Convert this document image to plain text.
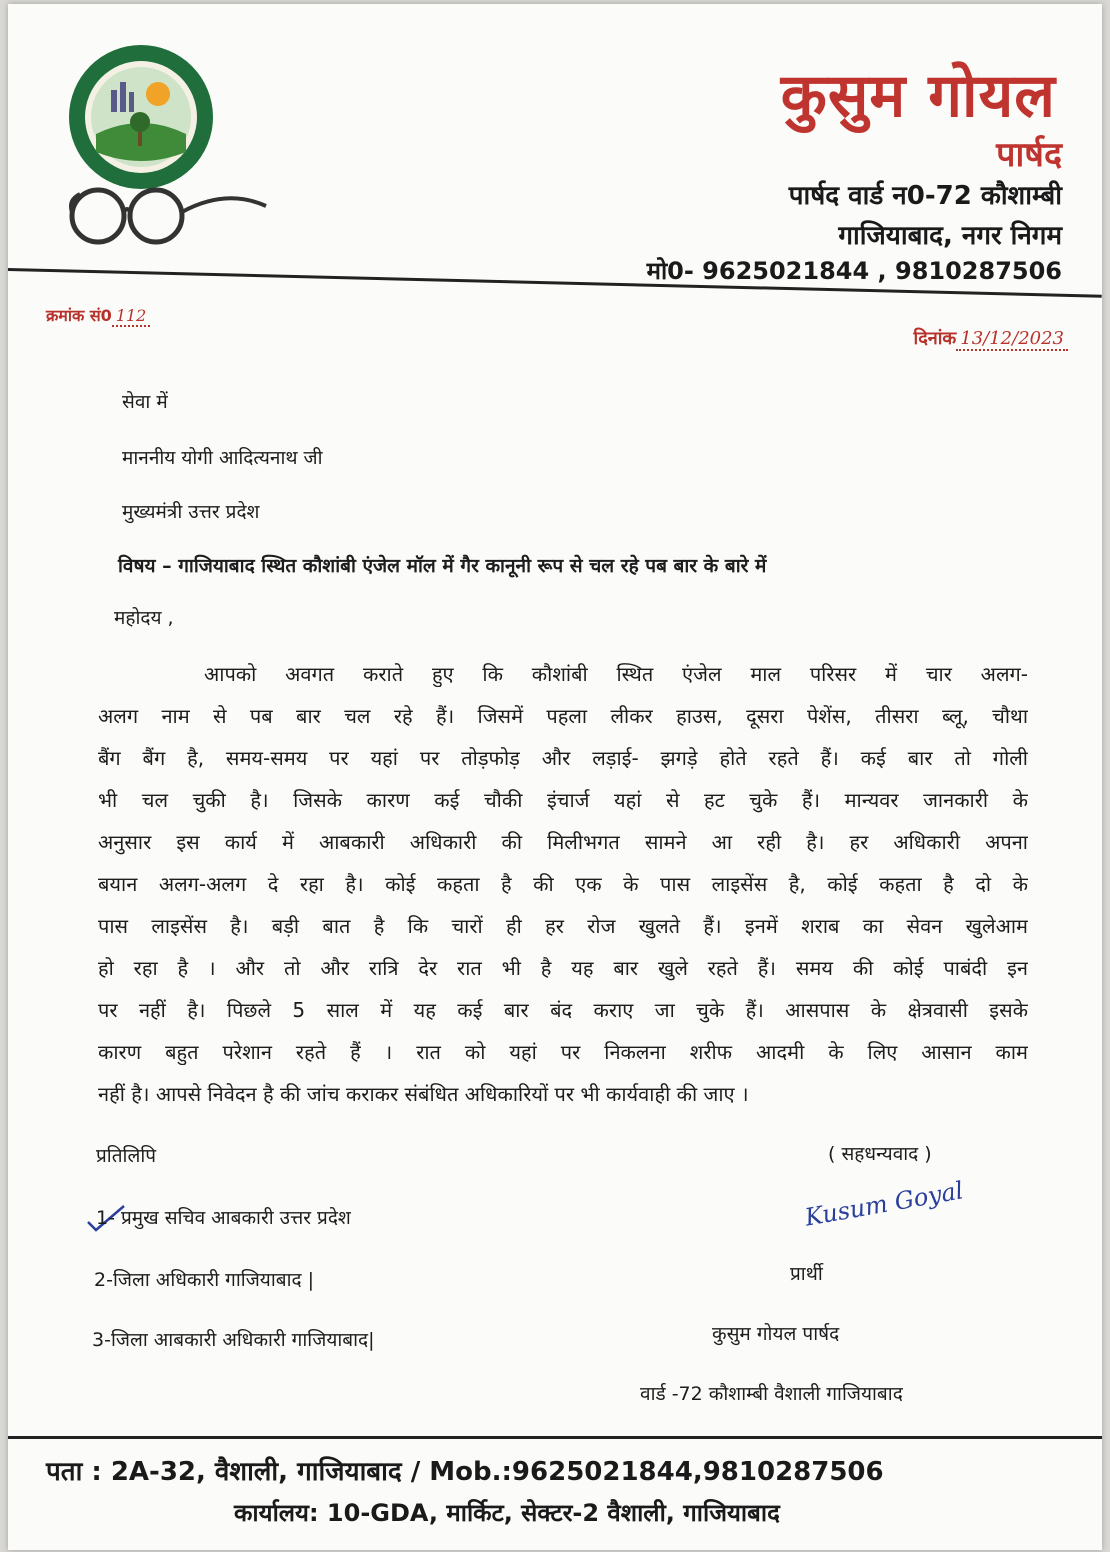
कुसुम गोयल
पार्षद
पार्षद वार्ड न0-72 कौशाम्बी
गाजियाबाद, नगर निगम
मो0- 9625021844 , 9810287506
क्रमांक सं0 112
दिनांक 13/12/2023
सेवा में
माननीय योगी आदित्यनाथ जी
मुख्यमंत्री उत्तर प्रदेश
विषय – गाजियाबाद स्थित कौशांबी एंजेल मॉल में गैर कानूनी रूप से चल रहे पब बार के बारे में
महोदय ,
आपको अवगत कराते हुए कि कौशांबी स्थित एंजेल माल परिसर में चार अलग-
अलग नाम से पब बार चल रहे हैं। जिसमें पहला लीकर हाउस, दूसरा पेशेंस, तीसरा ब्लू, चौथा
बैंग बैंग है, समय-समय पर यहां पर तोड़फोड़ और लड़ाई- झगड़े होते रहते हैं। कई बार तो गोली
भी चल चुकी है। जिसके कारण कई चौकी इंचार्ज यहां से हट चुके हैं। मान्यवर जानकारी के
अनुसार इस कार्य में आबकारी अधिकारी की मिलीभगत सामने आ रही है। हर अधिकारी अपना
बयान अलग-अलग दे रहा है। कोई कहता है की एक के पास लाइसेंस है, कोई कहता है दो के
पास लाइसेंस है। बड़ी बात है कि चारों ही हर रोज खुलते हैं। इनमें शराब का सेवन खुलेआम
हो रहा है । और तो और रात्रि देर रात भी है यह बार खुले रहते हैं। समय की कोई पाबंदी इन
पर नहीं है। पिछले 5 साल में यह कई बार बंद कराए जा चुके हैं। आसपास के क्षेत्रवासी इसके
कारण बहुत परेशान रहते हैं । रात को यहां पर निकलना शरीफ आदमी के लिए आसान काम
नहीं है। आपसे निवेदन है की जांच कराकर संबंधित अधिकारियों पर भी कार्यवाही की जाए ।
प्रतिलिपि
1- प्रमुख सचिव आबकारी उत्तर प्रदेश
2-जिला अधिकारी गाजियाबाद |
3-जिला आबकारी अधिकारी गाजियाबाद|
( सहधन्यवाद )
Kusum Goyal
प्रार्थी
कुसुम गोयल पार्षद
वार्ड -72 कौशाम्बी वैशाली गाजियाबाद
पता : 2A-32, वैशाली, गाजियाबाद / Mob.:9625021844,9810287506
कार्यालय: 10-GDA, मार्किट, सेक्टर-2 वैशाली, गाजियाबाद
